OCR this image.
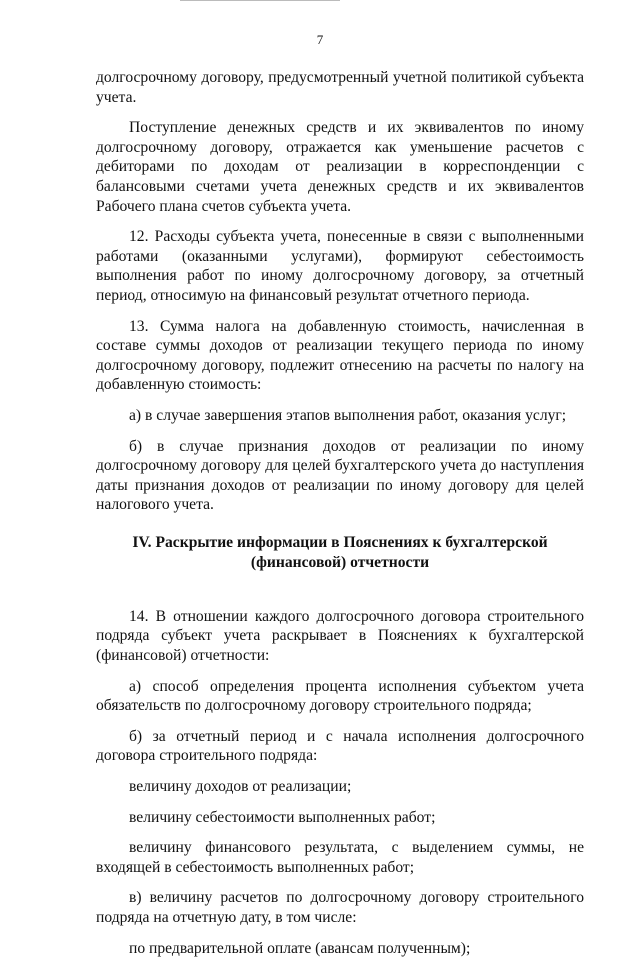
7

долгосрочному договору, предусмотренный учетной политикой субъекта учета.

Поступление денежных средств и их эквивалентов по иному долгосрочному договору, отражается как уменьшение расчетов с дебиторами по доходам от реализации в корреспонденции с балансовыми счетами учета денежных средств и их эквивалентов Рабочего плана счетов субъекта учета.

12. Расходы субъекта учета, понесенные в связи с выполненными работами (оказанными услугами), формируют себестоимость выполнения работ по иному долгосрочному договору, за отчетный период, относимую на финансовый результат отчетного периода.

13. Сумма налога на добавленную стоимость, начисленная в составе суммы доходов от реализации текущего периода по иному долгосрочному договору, подлежит отнесению на расчеты по налогу на добавленную стоимость:

а) в случае завершения этапов выполнения работ, оказания услуг;

б) в случае признания доходов от реализации по иному долгосрочному договору для целей бухгалтерского учета до наступления даты признания доходов от реализации по иному договору для целей налогового учета.

IV. Раскрытие информации в Пояснениях к бухгалтерской
(финансовой) отчетности

14. В отношении каждого долгосрочного договора строительного подряда субъект учета раскрывает в Пояснениях к бухгалтерской (финансовой) отчетности:

а) способ определения процента исполнения субъектом учета обязательств по долгосрочному договору строительного подряда;

б) за отчетный период и с начала исполнения долгосрочного договора строительного подряда:

величину доходов от реализации;

величину себестоимости выполненных работ;

величину финансового результата, с выделением суммы, не входящей в себестоимость выполненных работ;

в) величину расчетов по долгосрочному договору строительного подряда на отчетную дату, в том числе:

по предварительной оплате (авансам полученным);
